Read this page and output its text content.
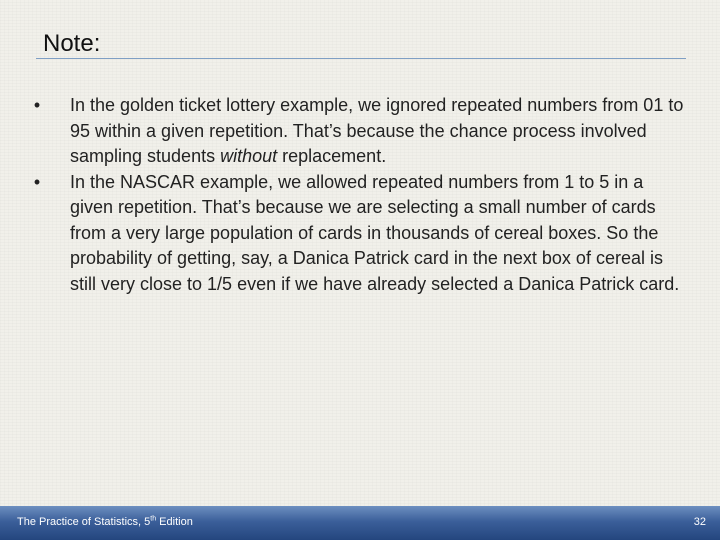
Note:
• In the golden ticket lottery example, we ignored repeated numbers from 01 to 95 within a given repetition. That’s because the chance process involved sampling students without replacement.
• In the NASCAR example, we allowed repeated numbers from 1 to 5 in a given repetition. That’s because we are selecting a small number of cards from a very large population of cards in thousands of cereal boxes. So the probability of getting, say, a Danica Patrick card in the next box of cereal is still very close to 1/5 even if we have already selected a Danica Patrick card.
The Practice of Statistics, 5th Edition	32
